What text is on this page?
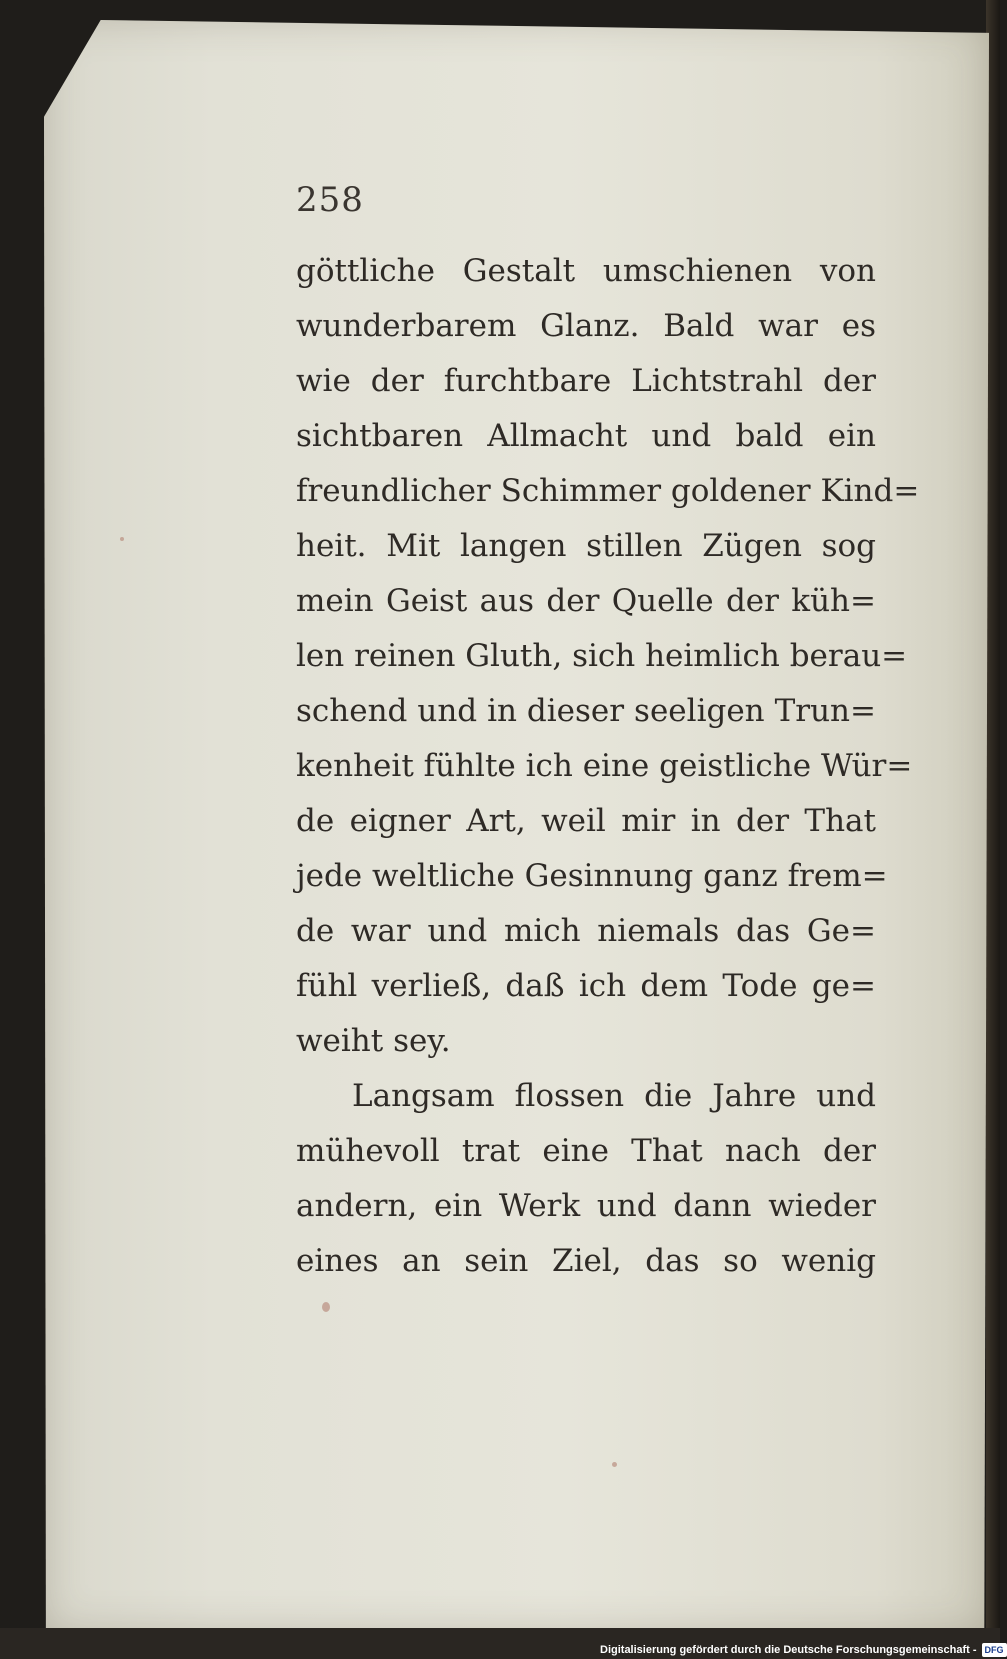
258
göttliche Gestalt umschienen von
wunderbarem Glanz. Bald war es
wie der furchtbare Lichtstrahl der
sichtbaren Allmacht und bald ein
freundlicher Schimmer goldener Kind=
heit. Mit langen stillen Zügen sog
mein Geist aus der Quelle der küh=
len reinen Gluth, sich heimlich berau=
schend und in dieser seeligen Trun=
kenheit fühlte ich eine geistliche Wür=
de eigner Art, weil mir in der That
jede weltliche Gesinnung ganz frem=
de war und mich niemals das Ge=
fühl verließ, daß ich dem Tode ge=
weiht sey.
Langsam flossen die Jahre und
mühevoll trat eine That nach der
andern, ein Werk und dann wieder
eines an sein Ziel, das so wenig
Digitalisierung gefördert durch die Deutsche Forschungsgemeinschaft - DFG
